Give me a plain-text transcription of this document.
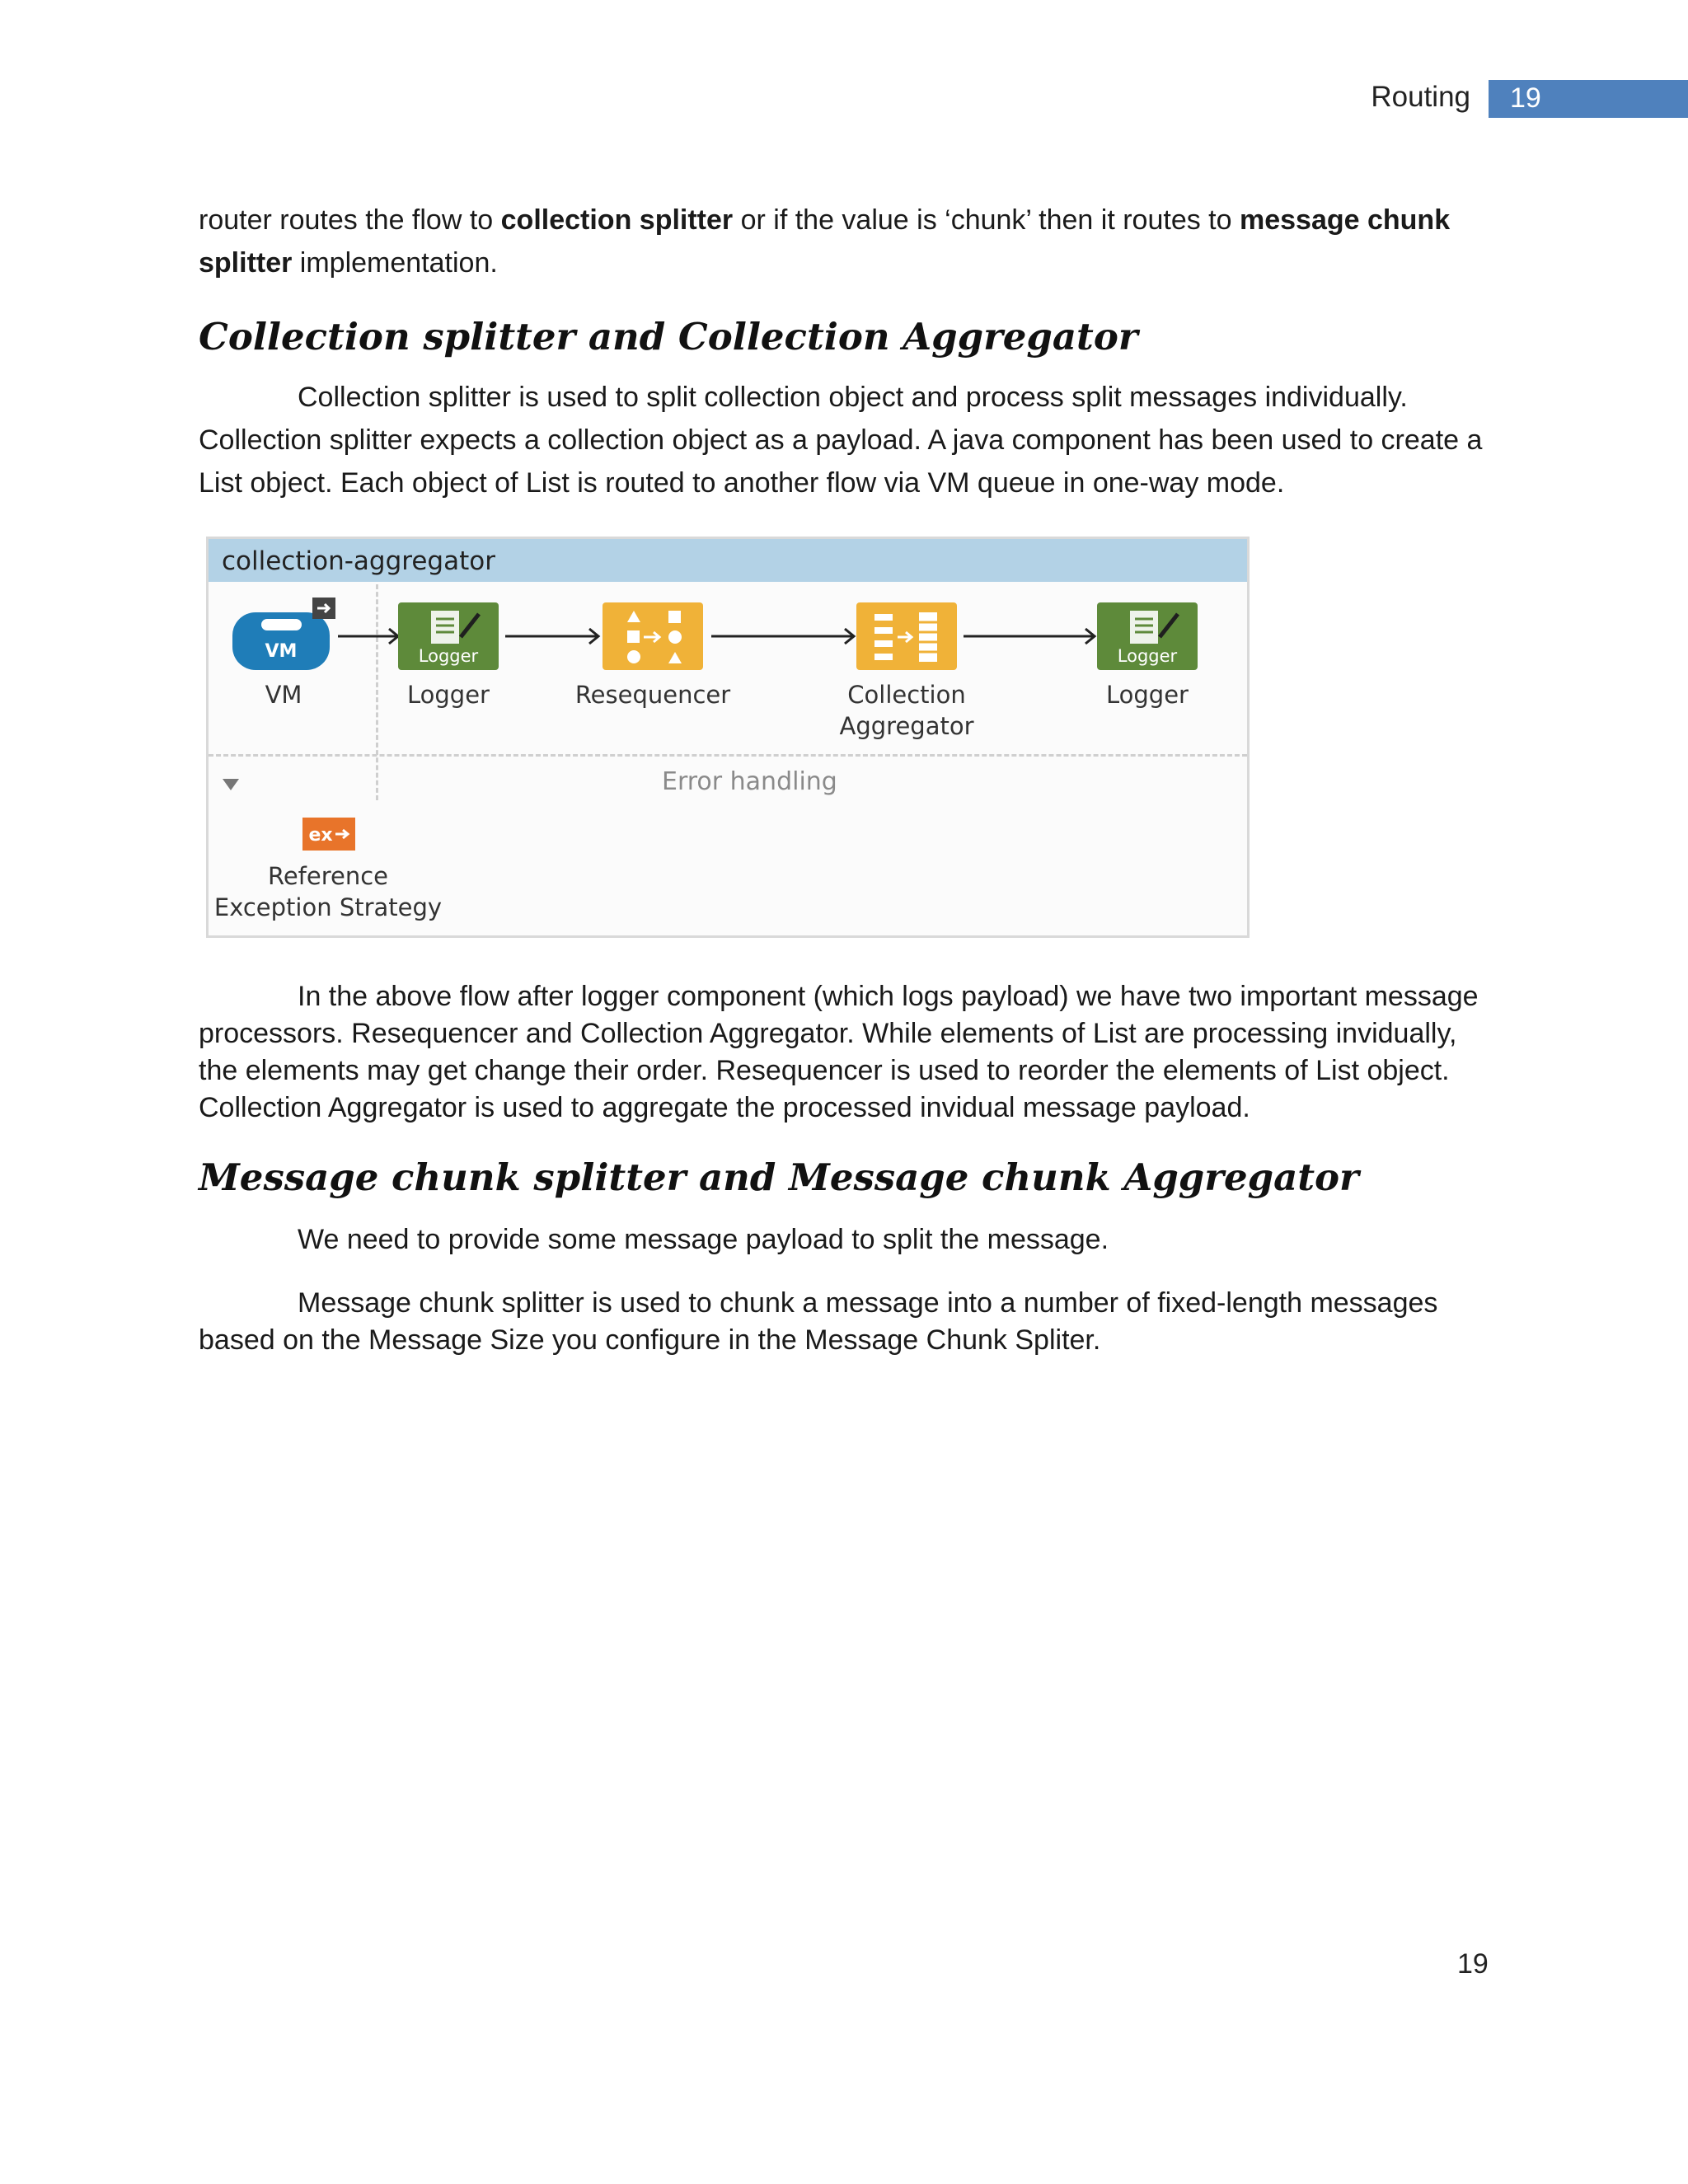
Routing 19

router routes the flow to collection splitter or if the value is ‘chunk’ then it routes to message chunk splitter implementation.

Collection splitter and Collection Aggregator

Collection splitter is used to split collection object and process split messages individually. Collection splitter expects a collection object as a payload. A java component has been used to create a List object. Each object of List is routed to another flow via VM queue in one-way mode.

collection-aggregator
VM
VM
Logger
Logger	Resequencer	Collection
Aggregator
Logger
Logger
Error handling
ex
Reference
Exception Strategy

In the above flow after logger component (which logs payload) we have two important message processors. Resequencer and Collection Aggregator. While elements of List are processing invidually, the elements may get change their order. Resequencer is used to reorder the elements of List object. Collection Aggregator is used to aggregate the processed invidual message payload.

Message chunk splitter and Message chunk Aggregator

We need to provide some message payload to split the message.

Message chunk splitter is used to chunk a message into a number of fixed-length messages based on the Message Size you configure in the Message Chunk Spliter.

19
